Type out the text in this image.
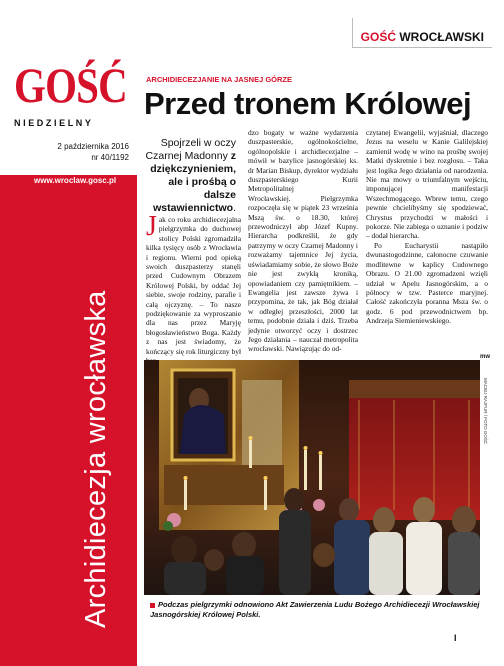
GOŚĆ
NIEDZIELNY
2 października 2016
nr 40/1192
www.wroclaw.gosc.pl
Archidiecezja wrocławska
GOŚĆ WROCŁAWSKI
ARCHIDIECEZJANIE NA JASNEJ GÓRZE
Przed tronem Królowej
Spojrzeli w oczy Czarnej Madonny z dziękczynieniem, ale i prośbą o dalsze wstawiennictwo.
J ak co roku archidiecezjalna pielgrzymka do duchowej stolicy Polski zgromadziła kilka tysięcy osób z Wrocławia i regionu. Wierni pod opieką swoich duszpasterzy stanęli przed Cudownym Obrazem Królowej Polski, by oddać Jej siebie, swoje rodziny, parafie i całą ojczyznę. – To nasze podziękowanie za wyproszanie dla nas przez Maryję błogosławieństwo Boga. Każdy z nas jest świadomy, że kończący się rok liturgiczny był
dzo bogaty w ważne wydarzenia duszpasterskie, ogólnokościelne, ogólnopolskie i archidiecezjalne – mówił w bazylice jasnogórskiej ks. dr Marian Biskup, dyrektor wydziału duszpasterskiego Kurii Metropolitalnej Wrocławskiej.   Pielgrzymka rozpoczęła się w piątek 23 września Mszą św. o 18.30, której przewodniczył abp Józef Kupny. Hierarcha podkreślił, że gdy patrzymy w oczy Czarnej Madonny i rozważamy tajemnice Jej życia, uświadamiamy sobie, że słowo Boże nie jest zwykłą kroniką, opowiadaniem czy pamiętnikiem. – Ewangelia jest zawsze żywa i przypomina, że tak, jak Bóg działał w odległej przeszłości, 2000 lat temu, podobnie działa i dziś. Trzeba jedynie otworzyć oczy i dostrzec Jego działania – nauczał metropolita wrocławski. Nawiązując do od-
czytanej Ewangelii, wyjaśniał, dlaczego Jezus na weselu w Kanie Galilejskiej zamienił wodę w wino na prośbę swojej Matki dyskretnie i bez rozgłosu. – Taka jest logika Jego działania od narodzenia. Nie ma mowy o triumfalnym wejściu, imponującej manifestacji Wszechmogącego. Wbrew temu, czego pewnie chcielibyśmy się spodziewać, Chrystus przychodzi w małości i pokorze. Nie zabiega o uznanie i podziw – dodał hierarcha.
Po Eucharystii nastąpiło dwunastogodzinne, całonocne czuwanie modlitewne w kaplicy Cudownego Obrazu. O 21.00 zgromadzeni wzięli udział w Apelu Jasnogórskim, a o północy w tzw. Pasterce maryjnej. Całość zakończyła poranna Msza św. o godz. 6 pod przewodnictwem bp. Andrzeja Siemieniewskiego.
mw
MACIEJ RAJFUR / FOTO GOŚĆ
Podczas pielgrzymki odnowiono Akt Zawierzenia Ludu Bożego Archidiecezji Wrocławskiej Jasnogórskiej Królowej Polski.
I
